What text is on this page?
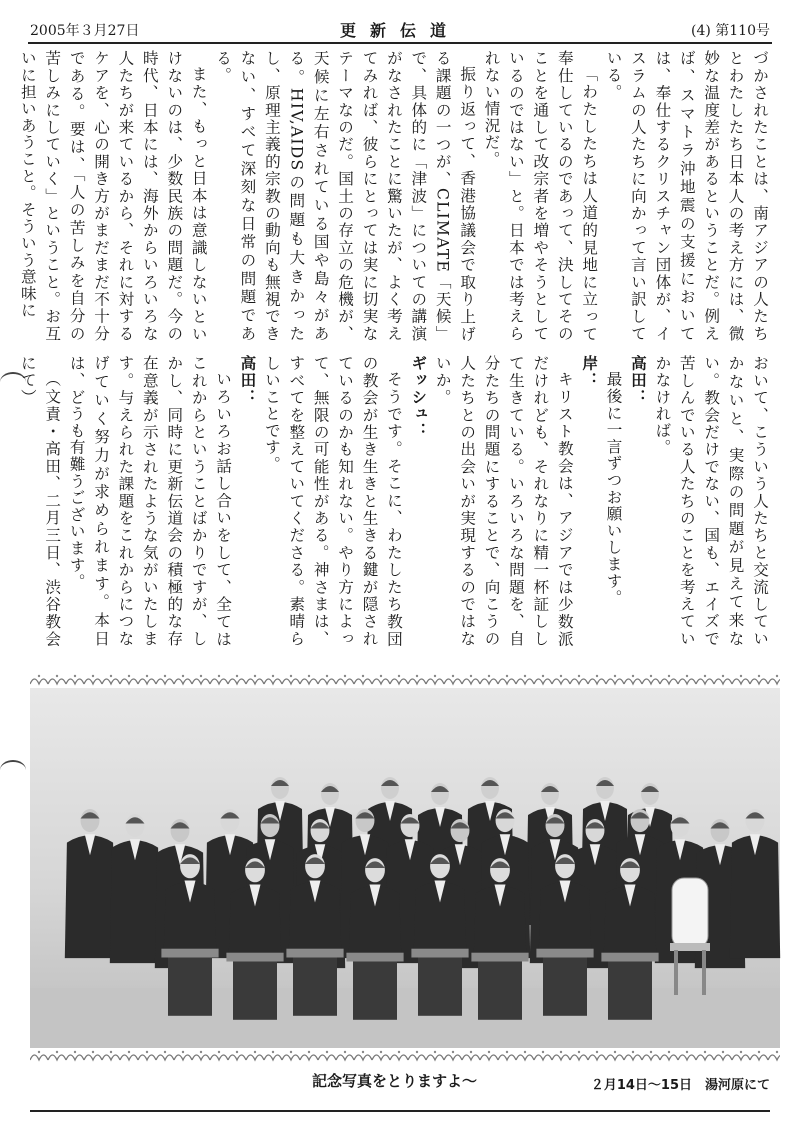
2005年３月27日	更新伝道	(4) 第110号

づかされたことは、南アジアの人たちとわたしたち日本人の考え方には、微妙な温度差があるということだ。例えば、スマトラ沖地震の支援においては、奉仕するクリスチャン団体が、イスラムの人たちに向かって言い訳している。

「わたしたちは人道的見地に立って奉仕しているのであって、決してそのことを通して改宗者を増やそうとしているのではない」と。日本では考えられない情況だ。

振り返って、香港協議会で取り上げる課題の一つが、CLIMATE「天候」で、具体的に「津波」についての講演がなされたことに驚いたが、よく考えてみれば、彼らにとっては実に切実なテーマなのだ。国土の存立の危機が、天候に左右されている国や島々がある。HIV,AIDSの問題も大きかったし、原理主義的宗教の動向も無視できない、すべて深刻な日常の問題である。

また、もっと日本は意識しないといけないのは、少数民族の問題だ。今の時代、日本には、海外からいろいろな人たちが来ているから、それに対するケアを、心の開き方がまだまだ不十分である。要は、「人の苦しみを自分の苦しみにしていく」ということ。お互いに担いあうこと。そういう意味に

おいて、こういう人たちと交流していかないと、実際の問題が見えて来ない。教会だけでない、国も、エイズで苦しんでいる人たちのことを考えていかなければ。

高田：

最後に一言ずつお願いします。

岸：

キリスト教会は、アジアでは少数派だけれども、それなりに精一杯証しして生きている。いろいろな問題を、自分たちの問題にすることで、向こうの人たちとの出会いが実現するのではないか。

ギッシュ：

そうです。そこに、わたしたち教団の教会が生き生きと生きる鍵が隠されているのかも知れない。やり方によって、無限の可能性がある。神さまは、すべてを整えていてくださる。素晴らしいことです。

高田：

いろいろお話し合いをして、全てはこれからということばかりですが、しかし、同時に更新伝道会の積極的な存在意義が示されたような気がいたします。与えられた課題をこれからにつなげていく努力が求められます。本日は、どうも有難うございます。

（文責・高田、二月三日、渋谷教会にて）

記念写真をとりますよ～	２月14日～15日　湯河原にて
